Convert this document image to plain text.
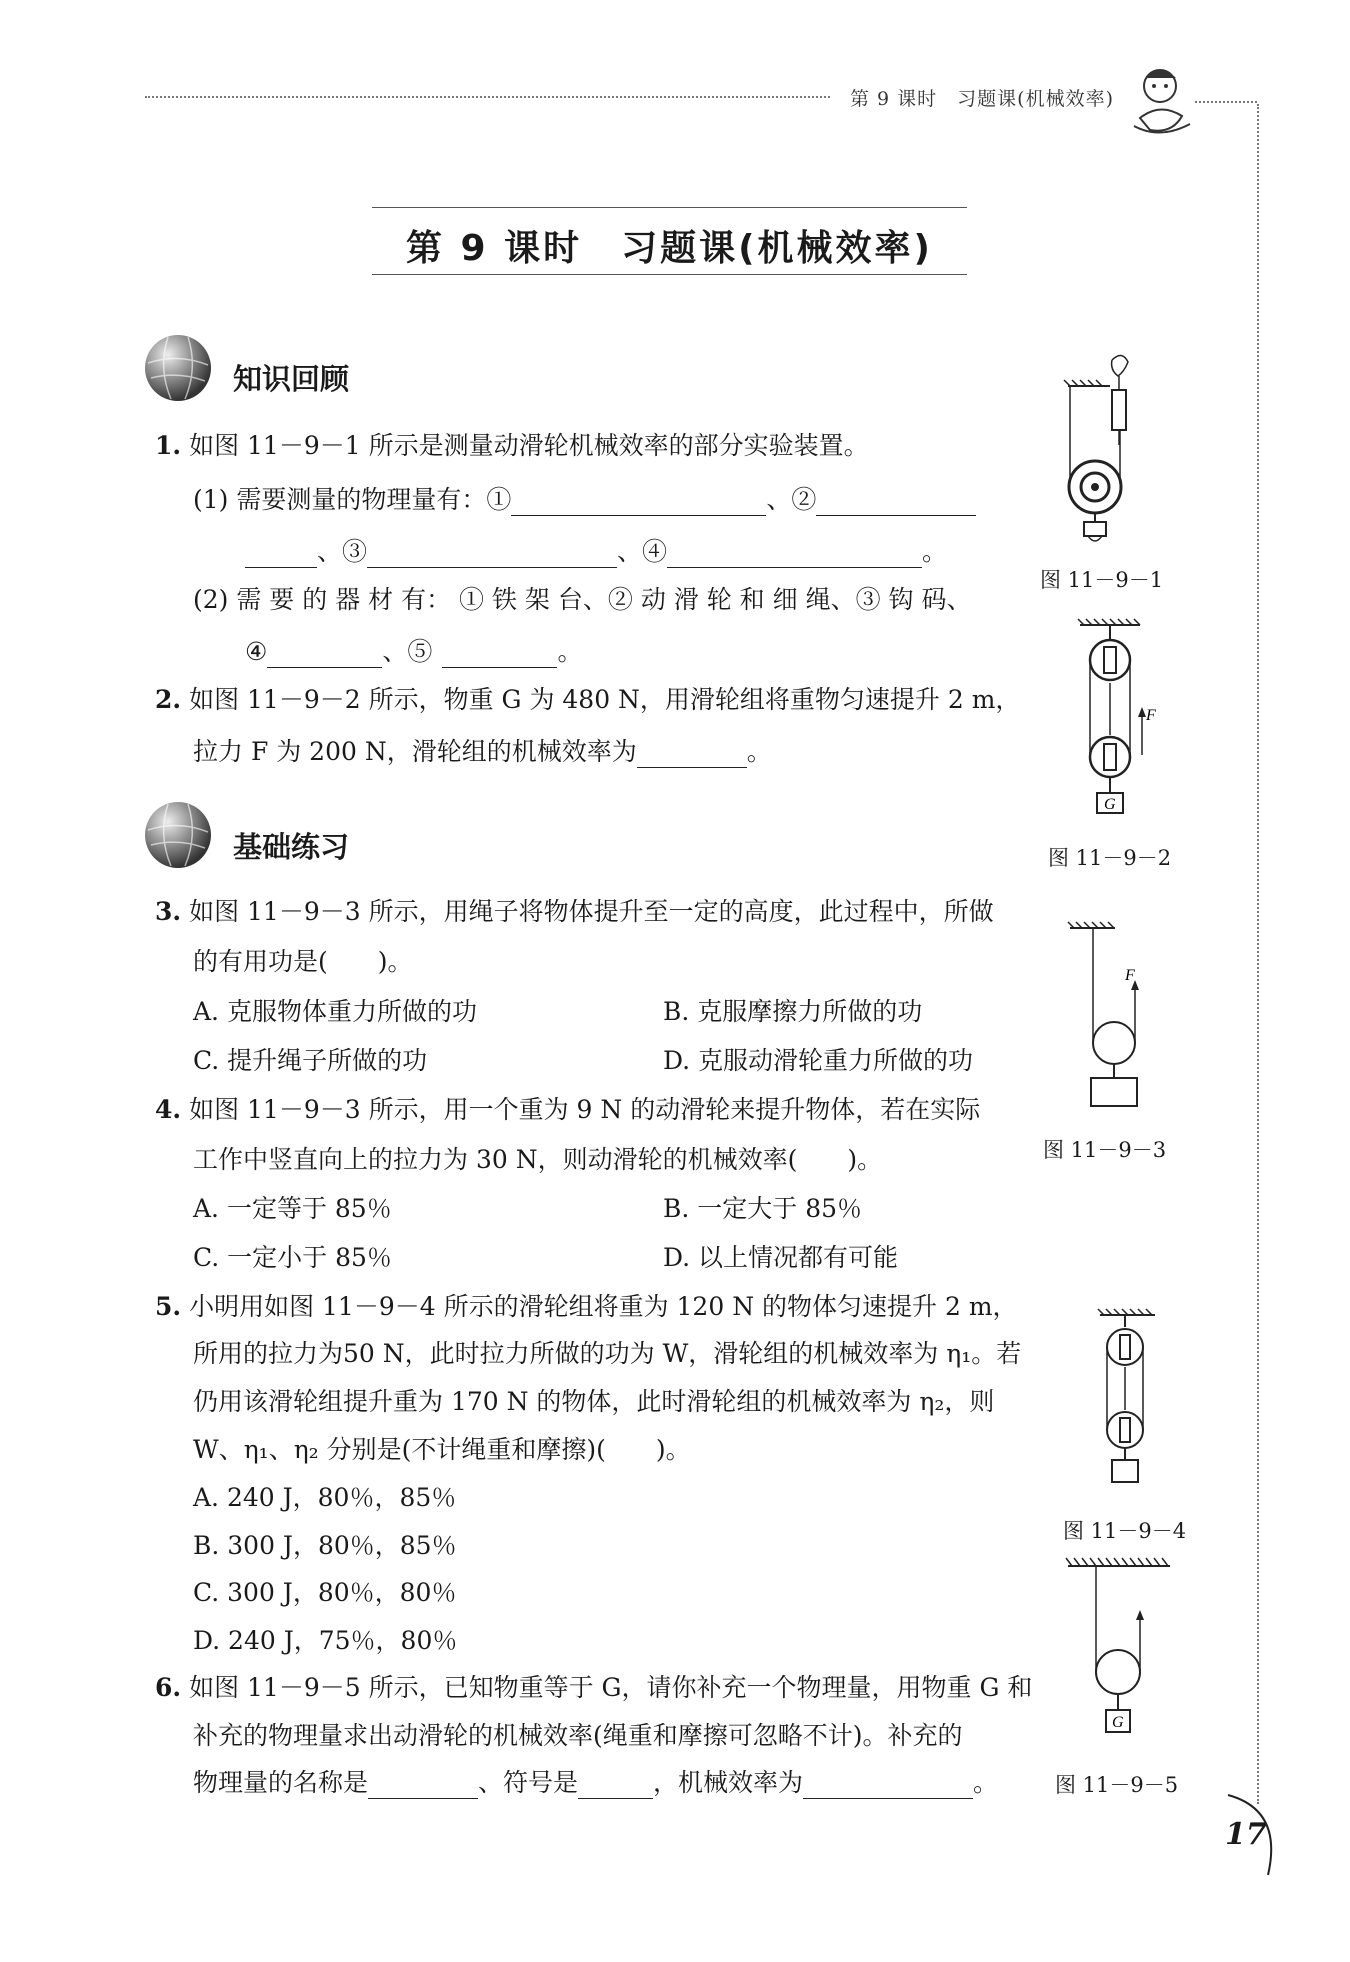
第 9 课时　习题课(机械效率)
第 9 课时　习题课(机械效率)
知识回顾
1. 如图 11－9－1 所示是测量动滑轮机械效率的部分实验装置。
(1) 需要测量的物理量有：①	、②
、③	、④	。
(2) 需 要 的 器 材 有： ① 铁 架 台、② 动 滑 轮 和 细 绳、③ 钩 码、
④	、⑤	。
2. 如图 11－9－2 所示，物重 G 为 480 N，用滑轮组将重物匀速提升 2 m，
拉力 F 为 200 N，滑轮组的机械效率为	。
基础练习
3. 如图 11－9－3 所示，用绳子将物体提升至一定的高度，此过程中，所做
的有用功是(　　)。
A. 克服物体重力所做的功	B. 克服摩擦力所做的功
C. 提升绳子所做的功	D. 克服动滑轮重力所做的功
4. 如图 11－9－3 所示，用一个重为 9 N 的动滑轮来提升物体，若在实际
工作中竖直向上的拉力为 30 N，则动滑轮的机械效率(　　)。
A. 一定等于 85％	B. 一定大于 85％
C. 一定小于 85％	D. 以上情况都有可能
5. 小明用如图 11－9－4 所示的滑轮组将重为 120 N 的物体匀速提升 2 m，
所用的拉力为50 N，此时拉力所做的功为 W，滑轮组的机械效率为 η₁。若
仍用该滑轮组提升重为 170 N 的物体，此时滑轮组的机械效率为 η₂，则
W、η₁、η₂ 分别是(不计绳重和摩擦)(　　)。
A. 240 J，80％，85％
B. 300 J，80％，85％
C. 300 J，80％，80％
D. 240 J，75％，80％
6. 如图 11－9－5 所示，已知物重等于 G，请你补充一个物理量，用物重 G 和
补充的物理量求出动滑轮的机械效率(绳重和摩擦可忽略不计)。补充的
物理量的名称是	、符号是	，机械效率为	。
图 11－9－1
F
G
图 11－9－2
F
图 11－9－3
图 11－9－4
G
图 11－9－5
17
